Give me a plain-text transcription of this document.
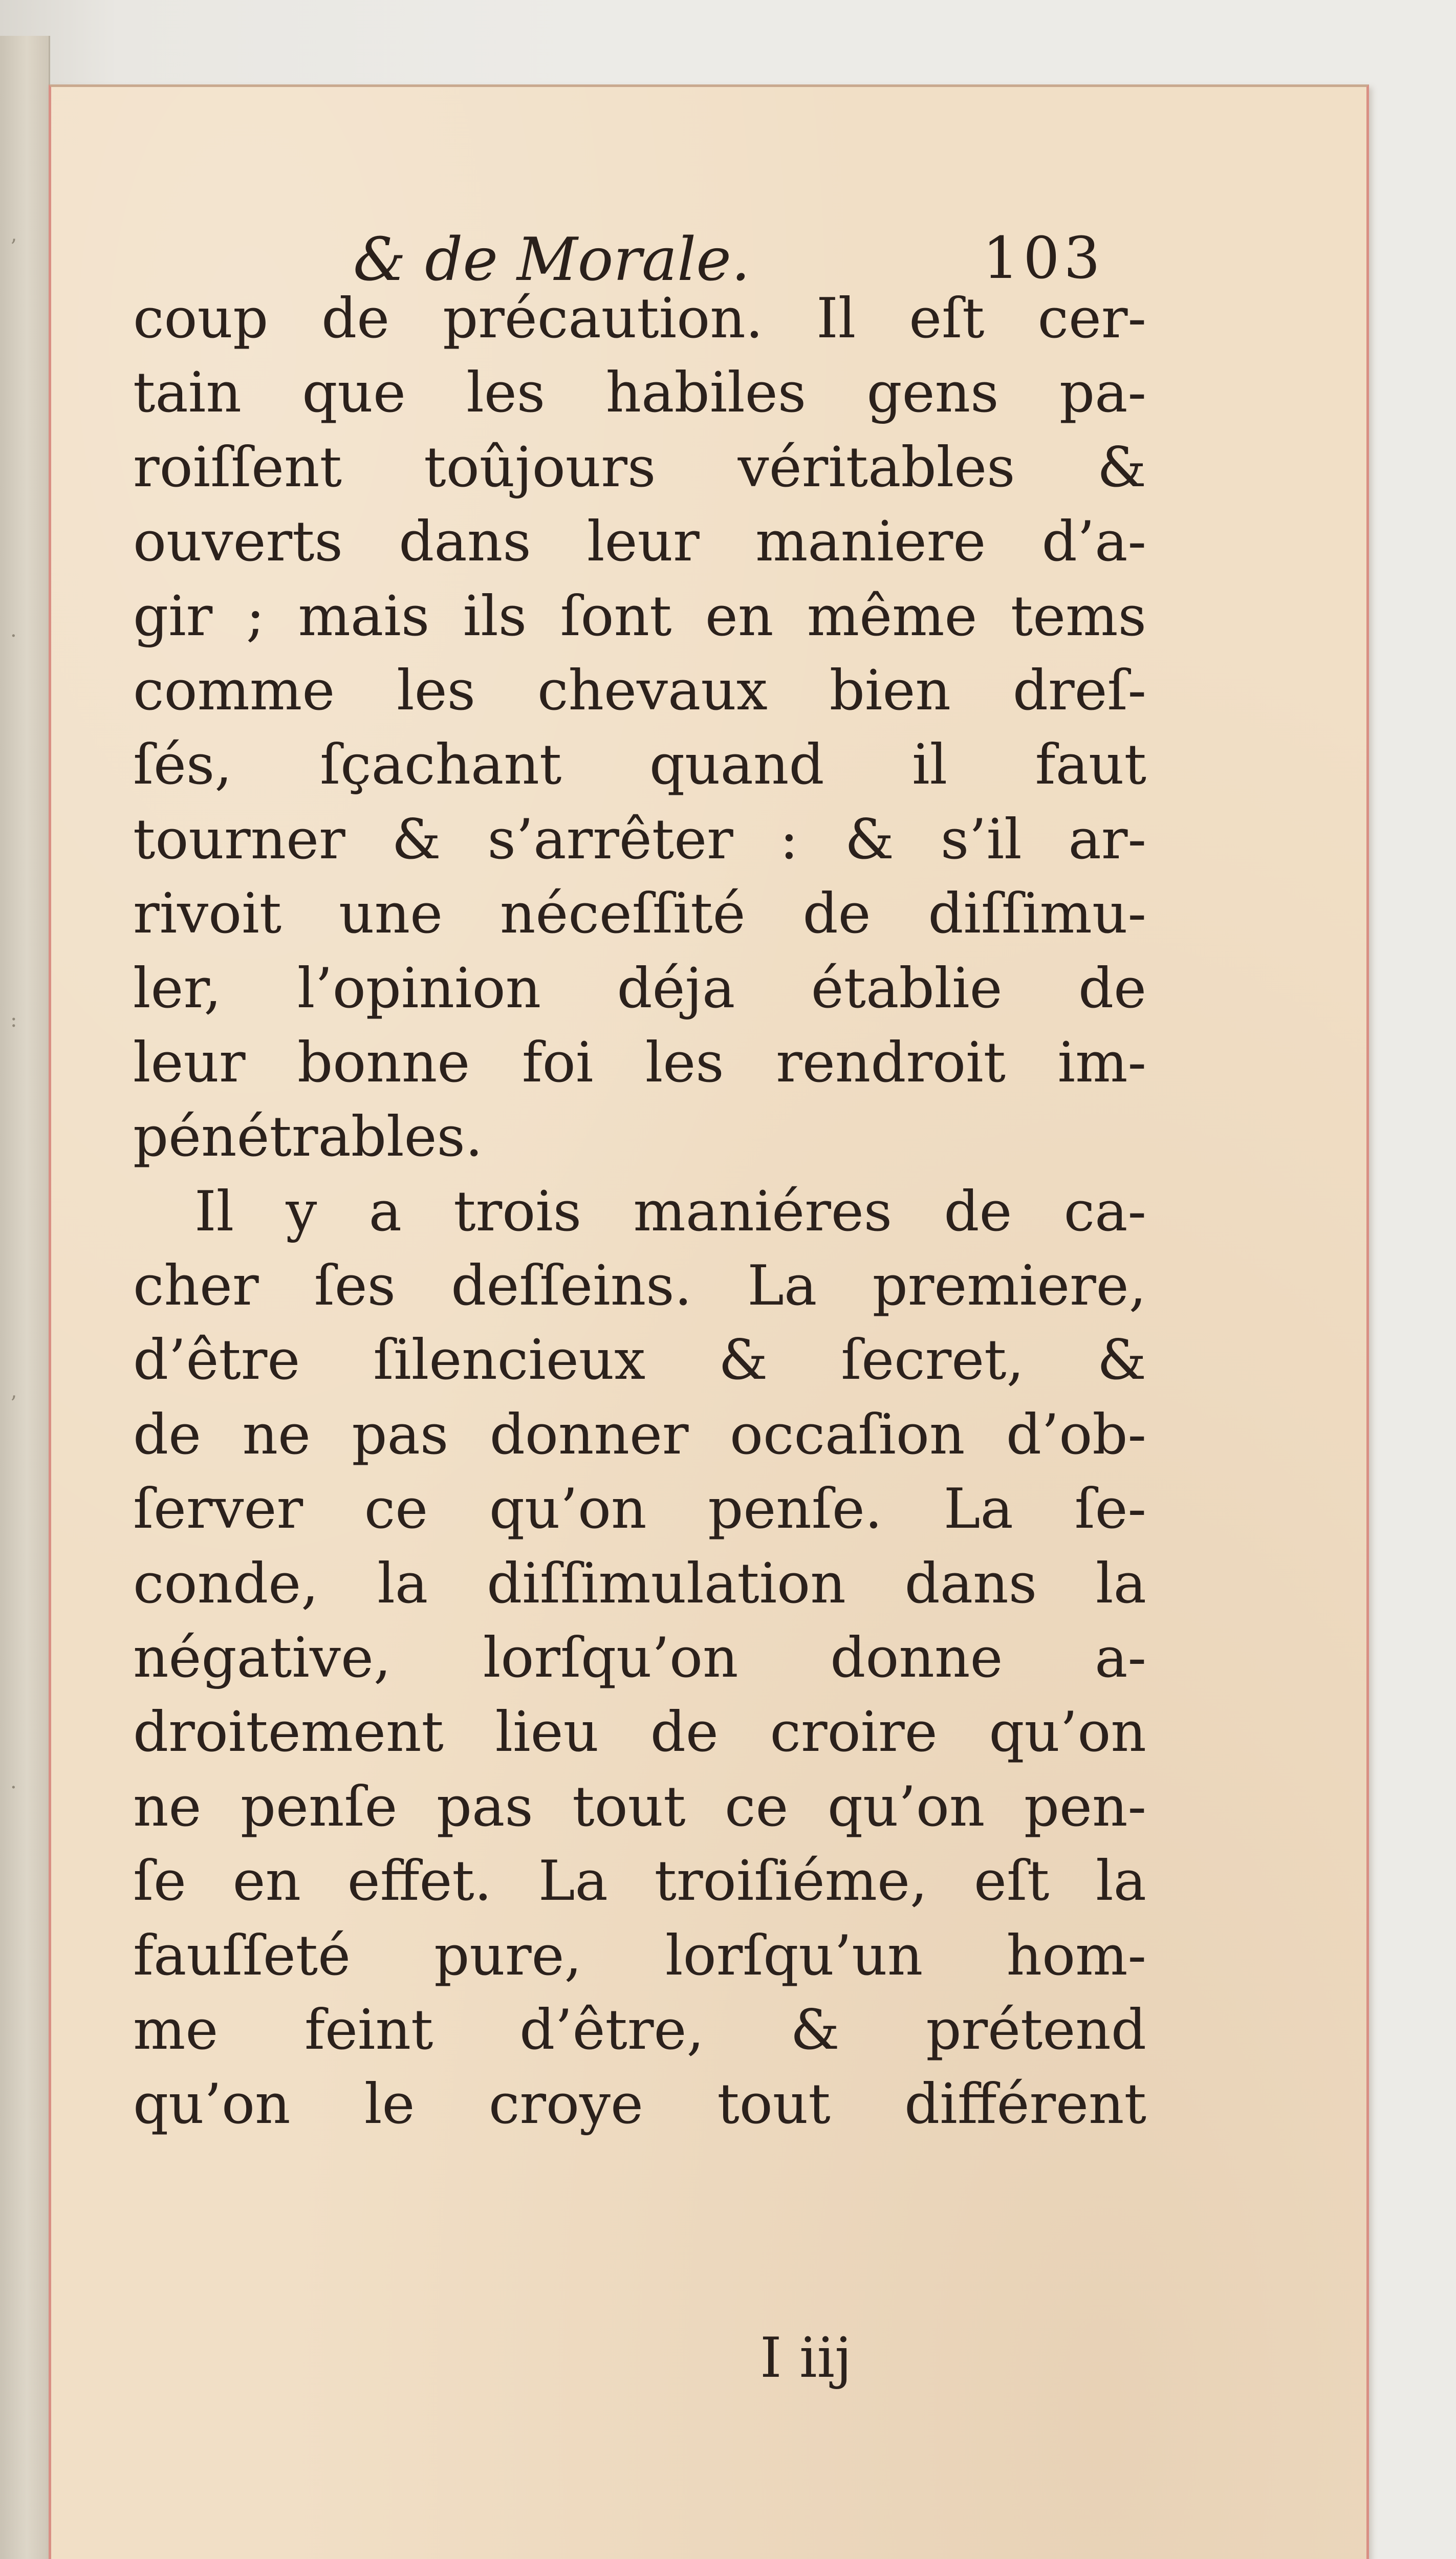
’
·
:
’
·
& de Morale.	103
coup de précaution. Il eſt cer-
tain que les habiles gens pa-
roiſſent toûjours véritables &
ouverts dans leur maniere d’a-
gir ; mais ils ſont en même tems
comme les chevaux bien dreſ-
ſés, ſçachant quand il faut
tourner & s’arrêter : & s’il ar-
rivoit une néceſſité de diſſimu-
ler, l’opinion déja établie de
leur bonne foi les rendroit im-
pénétrables.
Il y a trois maniéres de ca-
cher ſes deſſeins. La premiere,
d’être ſilencieux & ſecret, &
de ne pas donner occaſion d’ob-
ſerver ce qu’on penſe. La ſe-
conde, la diſſimulation dans la
négative, lorſqu’on donne a-
droitement lieu de croire qu’on
ne penſe pas tout ce qu’on pen-
ſe en effet. La troiſiéme, eſt la
fauſſeté pure, lorſqu’un hom-
me feint d’être, & prétend
qu’on le croye tout différent
I iij
